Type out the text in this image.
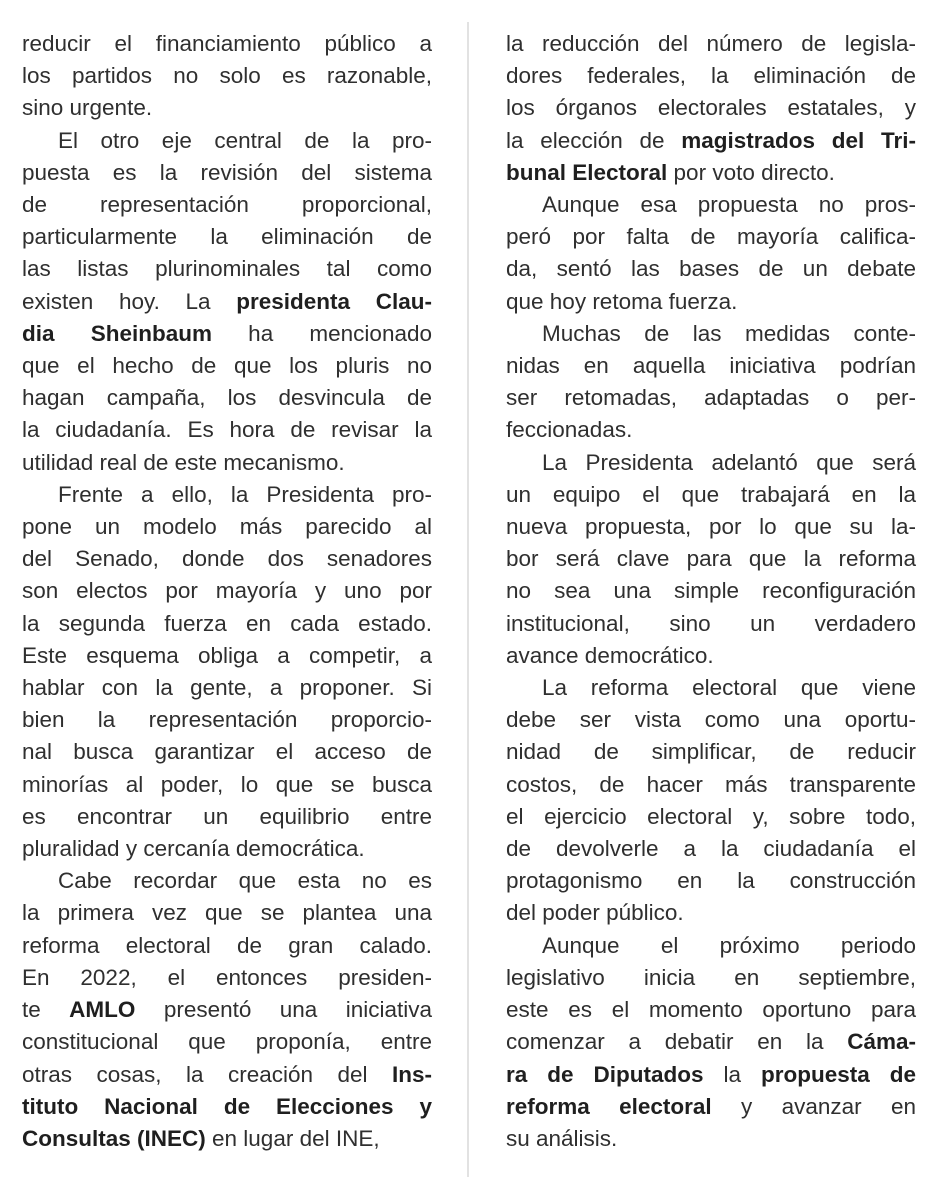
reducir el financiamiento público a
los partidos no solo es razonable,
sino urgente.

El otro eje central de la pro-
puesta es la revisión del sistema
de representación proporcional,
particularmente la eliminación de
las listas plurinominales tal como
existen hoy. La presidenta Clau-
dia Sheinbaum ha mencionado
que el hecho de que los pluris no
hagan campaña, los desvincula de
la ciudadanía. Es hora de revisar la
utilidad real de este mecanismo.

Frente a ello, la Presidenta pro-
pone un modelo más parecido al
del Senado, donde dos senadores
son electos por mayoría y uno por
la segunda fuerza en cada estado.
Este esquema obliga a competir, a
hablar con la gente, a proponer. Si
bien la representación proporcio-
nal busca garantizar el acceso de
minorías al poder, lo que se busca
es encontrar un equilibrio entre
pluralidad y cercanía democrática.

Cabe recordar que esta no es
la primera vez que se plantea una
reforma electoral de gran calado.
En 2022, el entonces presiden-
te AMLO presentó una iniciativa
constitucional que proponía, entre
otras cosas, la creación del Ins-
tituto Nacional de Elecciones y
Consultas (INEC) en lugar del INE,

la reducción del número de legisla-
dores federales, la eliminación de
los órganos electorales estatales, y
la elección de magistrados del Tri-
bunal Electoral por voto directo.

Aunque esa propuesta no pros-
peró por falta de mayoría califica-
da, sentó las bases de un debate
que hoy retoma fuerza.

Muchas de las medidas conte-
nidas en aquella iniciativa podrían
ser retomadas, adaptadas o per-
feccionadas.

La Presidenta adelantó que será
un equipo el que trabajará en la
nueva propuesta, por lo que su la-
bor será clave para que la reforma
no sea una simple reconfiguración
institucional, sino un verdadero
avance democrático.

La reforma electoral que viene
debe ser vista como una oportu-
nidad de simplificar, de reducir
costos, de hacer más transparente
el ejercicio electoral y, sobre todo,
de devolverle a la ciudadanía el
protagonismo en la construcción
del poder público.

Aunque el próximo periodo
legislativo inicia en septiembre,
este es el momento oportuno para
comenzar a debatir en la Cáma-
ra de Diputados la propuesta de
reforma electoral y avanzar en
su análisis.
